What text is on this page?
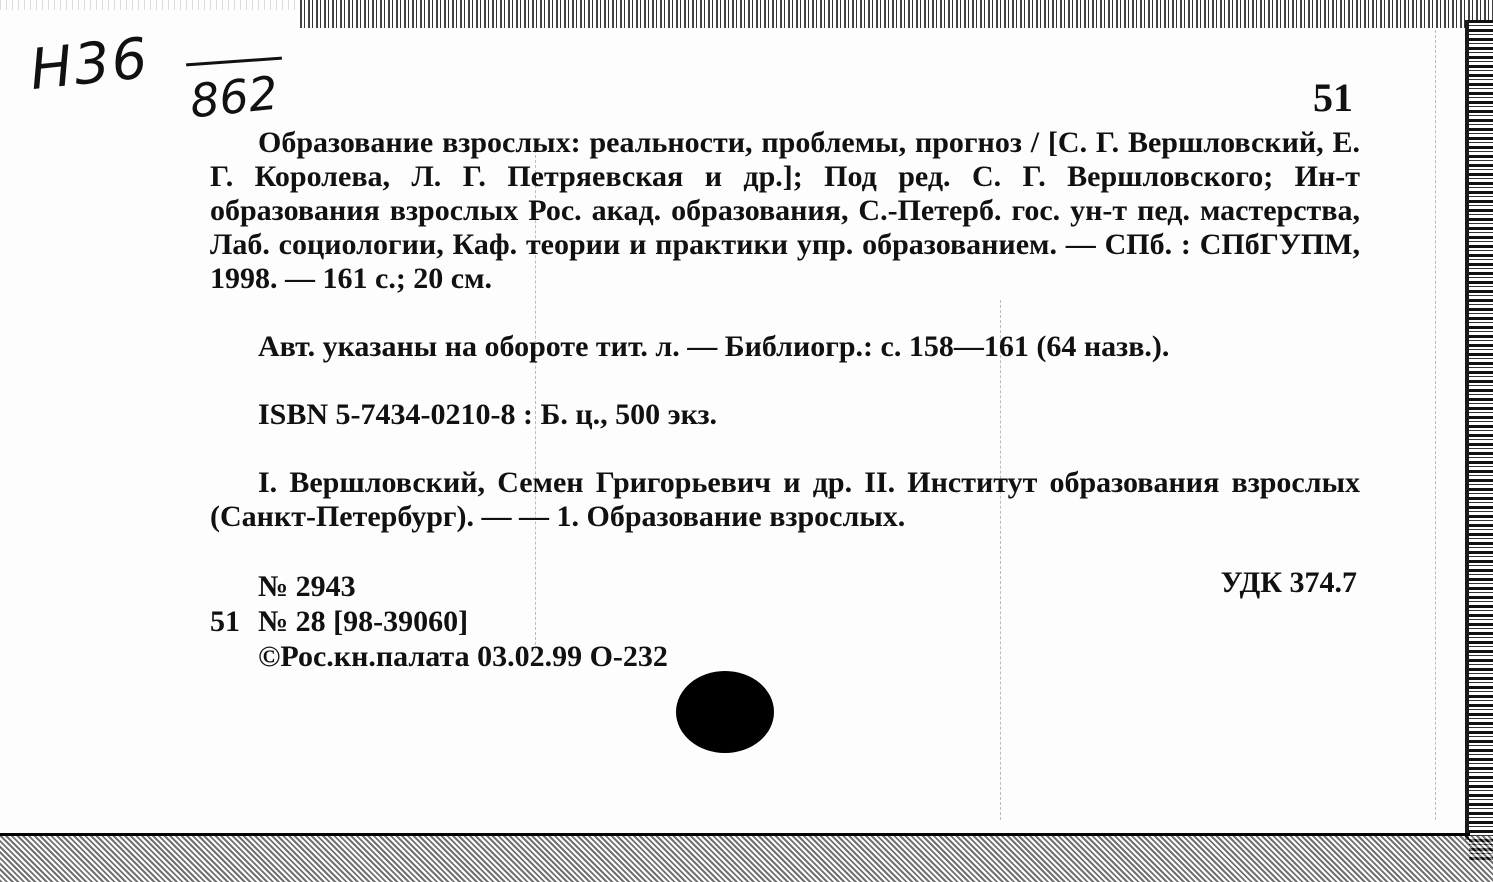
Н36 862	51
Образование взрослых: реальности, проблемы, прогноз / [С. Г. Вершловский, Е. Г. Королева, Л. Г. Петряевская и др.]; Под ред. С. Г. Вершловского; Ин-т образования взрослых Рос. акад. образования, С.-Петерб. гос. ун-т пед. мастерства, Лаб. социологии, Каф. теории и практики упр. образованием. — СПб. : СПбГУПМ, 1998. — 161 с.; 20 см.
Авт. указаны на обороте тит. л. — Библиогр.: с. 158—161 (64 назв.).
ISBN 5-7434-0210-8 : Б. ц., 500 экз.
I. Вершловский, Семен Григорьевич и др. II. Институт образования взрослых (Санкт-Петербург). — — 1. Образование взрослых.
№ 2943	УДК 374.7
51 № 28 [98-39060]
©Рос.кн.палата 03.02.99 О-232
